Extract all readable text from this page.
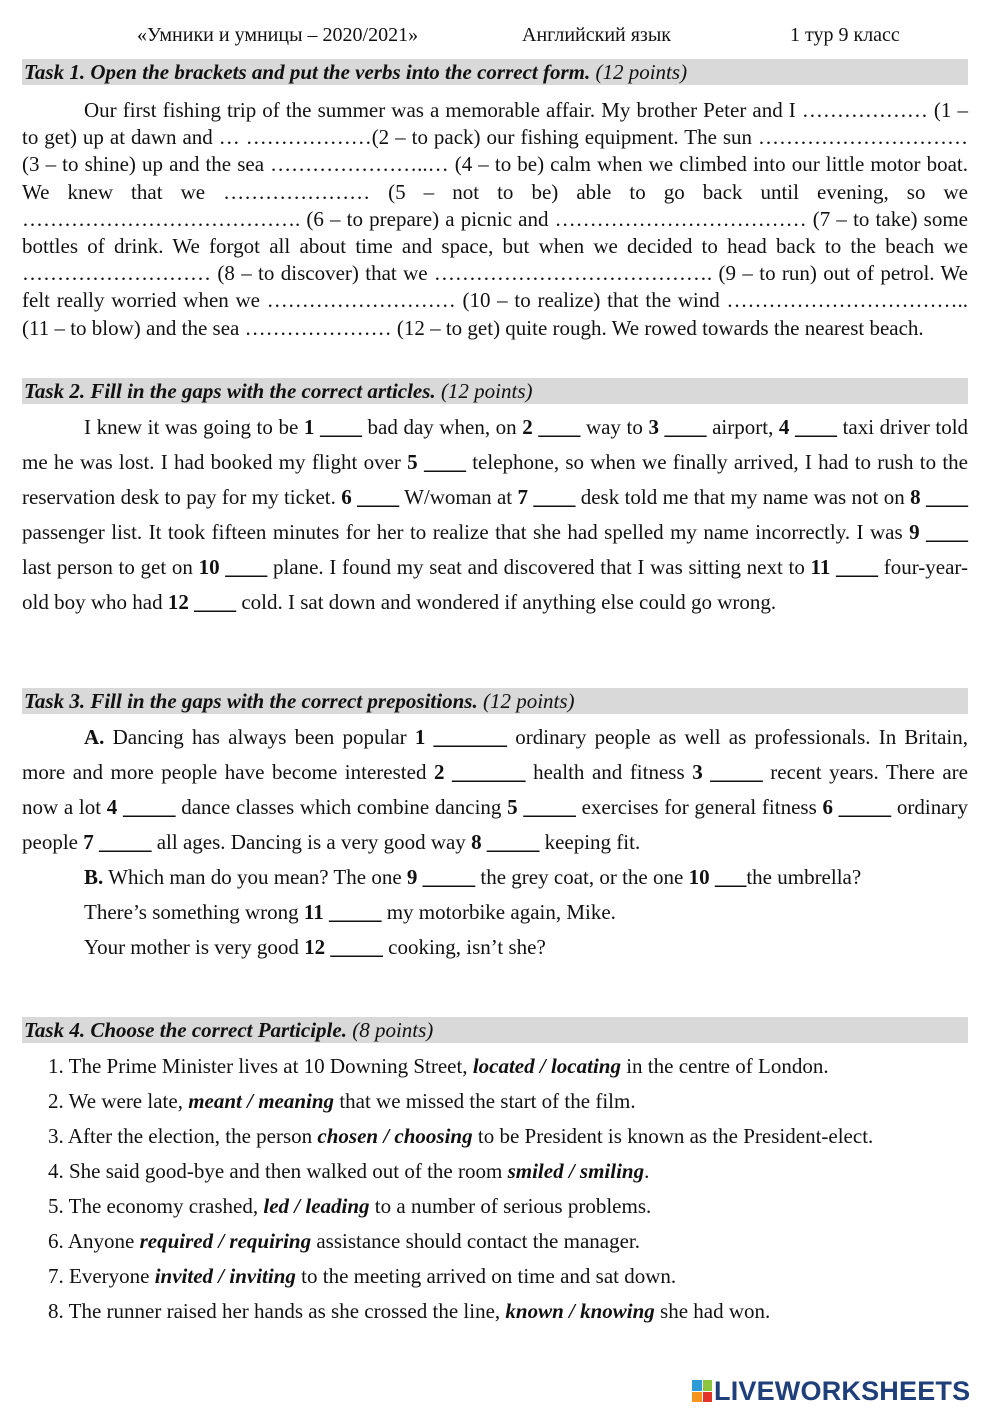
«Умники и умницы – 2020/2021»	Английский язык	1 тур 9 класс
Task 1. Open the brackets and put the verbs into the correct form. (12 points)

Our first fishing trip of the summer was a memorable affair. My brother Peter and I ……………… (1 – to get) up at dawn and … ………………(2 – to pack) our fishing equipment. The sun ………………………… (3 – to shine) up and the sea …………………..… (4 – to be) calm when we climbed into our little motor boat. We knew that we ………………… (5 – not to be) able to go back until evening, so we …………………………………. (6 – to prepare) a picnic and ……………………………… (7 – to take) some bottles of drink. We forgot all about time and space, but when we decided to head back to the beach we ……………………… (8 – to discover) that we …………………………………. (9 – to run) out of petrol. We felt really worried when we ……………………… (10 – to realize) that the wind …………………………….. (11 – to blow) and the sea ………………… (12 – to get) quite rough. We rowed towards the nearest beach.

Task 2. Fill in the gaps with the correct articles. (12 points)

I knew it was going to be 1 ____ bad day when, on 2 ____ way to 3 ____ airport, 4 ____ taxi driver told me he was lost. I had booked my flight over 5 ____ telephone, so when we finally arrived, I had to rush to the reservation desk to pay for my ticket. 6 ____ W/woman at 7 ____ desk told me that my name was not on 8 ____ passenger list. It took fifteen minutes for her to realize that she had spelled my name incorrectly. I was 9 ____ last person to get on 10 ____ plane. I found my seat and discovered that I was sitting next to 11 ____ four-year-old boy who had 12 ____ cold. I sat down and wondered if anything else could go wrong.

Task 3. Fill in the gaps with the correct prepositions. (12 points)

A. Dancing has always been popular 1 _______ ordinary people as well as professionals. In Britain, more and more people have become interested 2 _______ health and fitness 3 _____ recent years. There are now a lot 4 _____ dance classes which combine dancing 5 _____ exercises for general fitness 6 _____ ordinary people 7 _____ all ages. Dancing is a very good way 8 _____ keeping fit.

B. Which man do you mean? The one 9 _____ the grey coat, or the one 10 ___the umbrella?

There’s something wrong 11 _____ my motorbike again, Mike.

Your mother is very good 12 _____ cooking, isn’t she?

Task 4. Choose the correct Participle. (8 points)

1. The Prime Minister lives at 10 Downing Street, located / locating in the centre of London.

2. We were late, meant / meaning that we missed the start of the film.

3. After the election, the person chosen / choosing to be President is known as the President-elect.

4. She said good-bye and then walked out of the room smiled / smiling.

5. The economy crashed, led / leading to a number of serious problems.

6. Anyone required / requiring assistance should contact the manager.

7. Everyone invited / inviting to the meeting arrived on time and sat down.

8. The runner raised her hands as she crossed the line, known / knowing she had won.

LIVEWORKSHEETS
